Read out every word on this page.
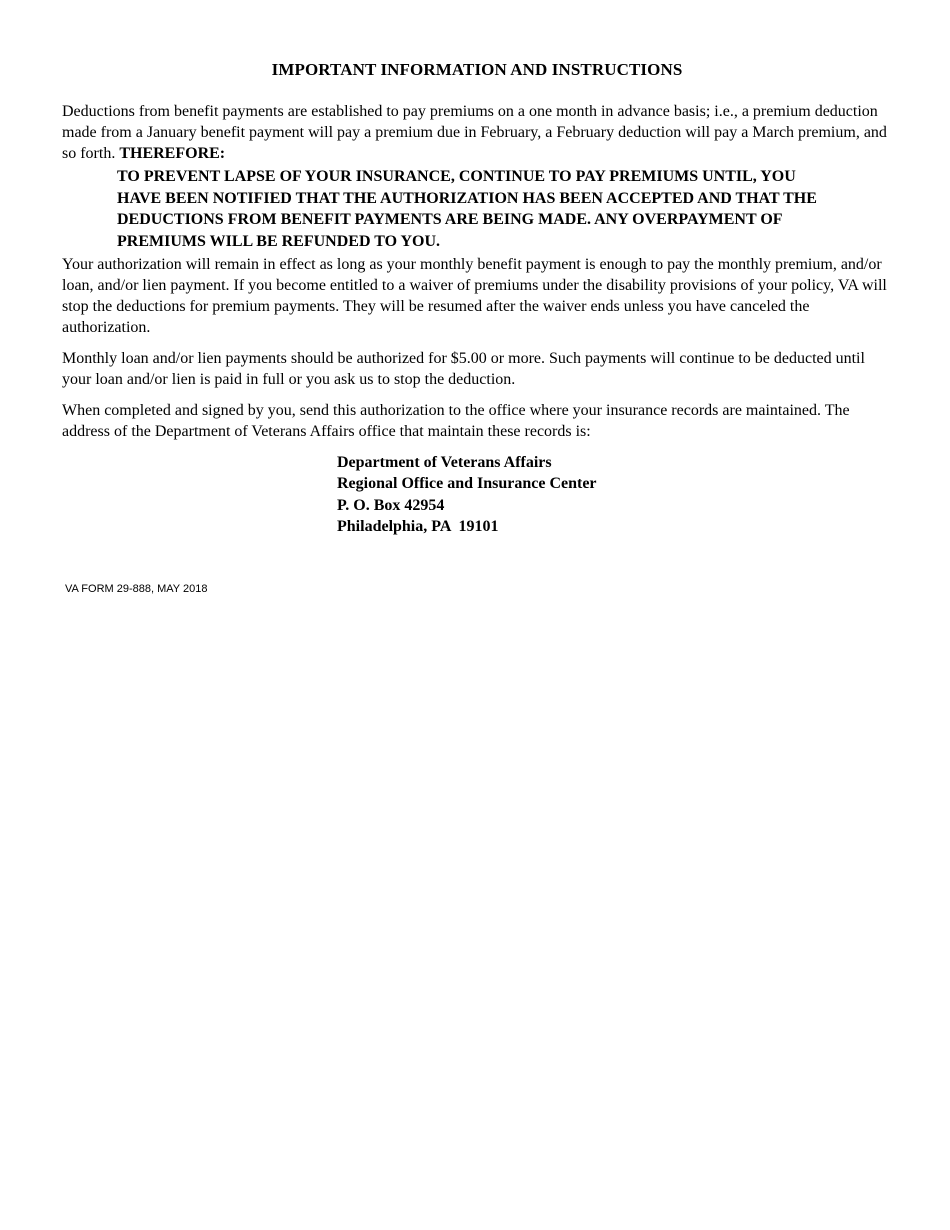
IMPORTANT INFORMATION AND INSTRUCTIONS

Deductions from benefit payments are established to pay premiums on a one month in advance basis; i.e., a premium deduction made from a January benefit payment will pay a premium due in February, a February deduction will pay a March premium, and so forth. THEREFORE:

TO PREVENT LAPSE OF YOUR INSURANCE, CONTINUE TO PAY PREMIUMS UNTIL, YOU HAVE BEEN NOTIFIED THAT THE AUTHORIZATION HAS BEEN ACCEPTED AND THAT THE DEDUCTIONS FROM BENEFIT PAYMENTS ARE BEING MADE. ANY OVERPAYMENT OF PREMIUMS WILL BE REFUNDED TO YOU.

Your authorization will remain in effect as long as your monthly benefit payment is enough to pay the monthly premium, and/or loan, and/or lien payment. If you become entitled to a waiver of premiums under the disability provisions of your policy, VA will stop the deductions for premium payments. They will be resumed after the waiver ends unless you have canceled the authorization.

Monthly loan and/or lien payments should be authorized for $5.00 or more. Such payments will continue to be deducted until your loan and/or lien is paid in full or you ask us to stop the deduction.

When completed and signed by you, send this authorization to the office where your insurance records are maintained. The address of the Department of Veterans Affairs office that maintain these records is:

Department of Veterans Affairs
Regional Office and Insurance Center
P. O. Box 42954
Philadelphia, PA  19101
VA FORM 29-888, MAY 2018
